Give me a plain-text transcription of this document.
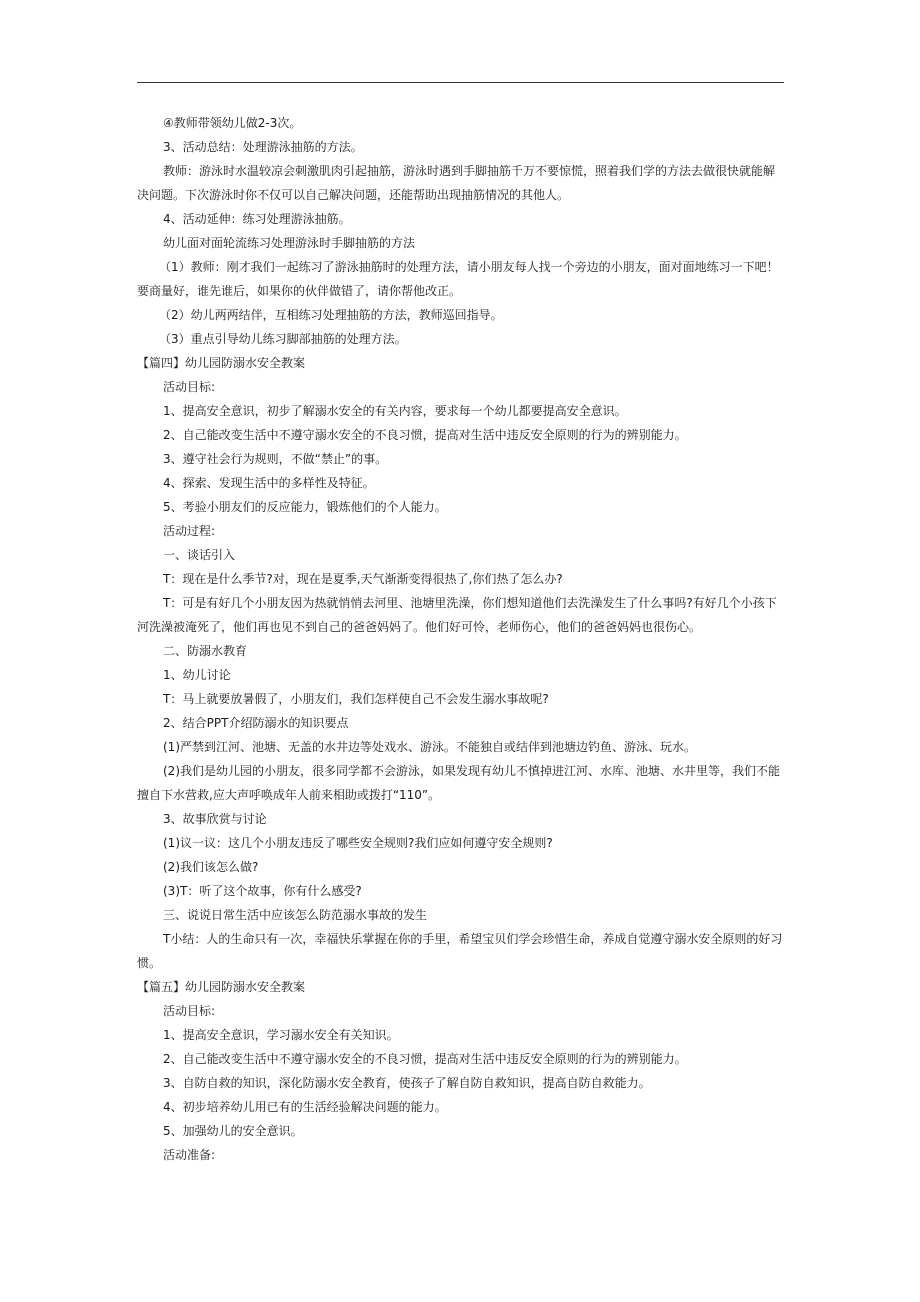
④教师带领幼儿做2-3次。

3、活动总结：处理游泳抽筋的方法。

教师：游泳时水温较凉会刺激肌肉引起抽筋，游泳时遇到手脚抽筋千万不要惊慌，照着我们学的方法去做很快就能解决问题。下次游泳时你不仅可以自己解决问题，还能帮助出现抽筋情况的其他人。

4、活动延伸：练习处理游泳抽筋。

幼儿面对面轮流练习处理游泳时手脚抽筋的方法

（1）教师：刚才我们一起练习了游泳抽筋时的处理方法，请小朋友每人找一个旁边的小朋友，面对面地练习一下吧！要商量好，谁先谁后，如果你的伙伴做错了，请你帮他改正。

（2）幼儿两两结伴，互相练习处理抽筋的方法，教师巡回指导。

（3）重点引导幼儿练习脚部抽筋的处理方法。

【篇四】幼儿园防溺水安全教案

活动目标:

1、提高安全意识，初步了解溺水安全的有关内容，要求每一个幼儿都要提高安全意识。

2、自己能改变生活中不遵守溺水安全的不良习惯，提高对生活中违反安全原则的行为的辨别能力。

3、遵守社会行为规则，不做“禁止”的事。

4、探索、发现生活中的多样性及特征。

5、考验小朋友们的反应能力，锻炼他们的个人能力。

活动过程:

一、谈话引入

T：现在是什么季节?对，现在是夏季,天气渐渐变得很热了,你们热了怎么办?

T：可是有好几个小朋友因为热就悄悄去河里、池塘里洗澡，你们想知道他们去洗澡发生了什么事吗?有好几个小孩下河洗澡被淹死了，他们再也见不到自己的爸爸妈妈了。他们好可怜，老师伤心，他们的爸爸妈妈也很伤心。

二、防溺水教育

1、幼儿讨论

T：马上就要放暑假了，小朋友们，我们怎样使自己不会发生溺水事故呢?

2、结合PPT介绍防溺水的知识要点

(1)严禁到江河、池塘、无盖的水井边等处戏水、游泳。不能独自或结伴到池塘边钓鱼、游泳、玩水。

(2)我们是幼儿园的小朋友，很多同学都不会游泳，如果发现有幼儿不慎掉进江河、水库、池塘、水井里等，我们不能擅自下水营救,应大声呼唤成年人前来相助或拨打“110”。

3、故事欣赏与讨论

(1)议一议：这几个小朋友违反了哪些安全规则?我们应如何遵守安全规则?

(2)我们该怎么做?

(3)T：听了这个故事，你有什么感受?

三、说说日常生活中应该怎么防范溺水事故的发生

T小结：人的生命只有一次，幸福快乐掌握在你的手里，希望宝贝们学会珍惜生命，养成自觉遵守溺水安全原则的好习惯。

【篇五】幼儿园防溺水安全教案

活动目标:

1、提高安全意识，学习溺水安全有关知识。

2、自己能改变生活中不遵守溺水安全的不良习惯，提高对生活中违反安全原则的行为的辨别能力。

3、自防自救的知识，深化防溺水安全教育，使孩子了解自防自救知识，提高自防自救能力。

4、初步培养幼儿用已有的生活经验解决问题的能力。

5、加强幼儿的安全意识。

活动准备:
